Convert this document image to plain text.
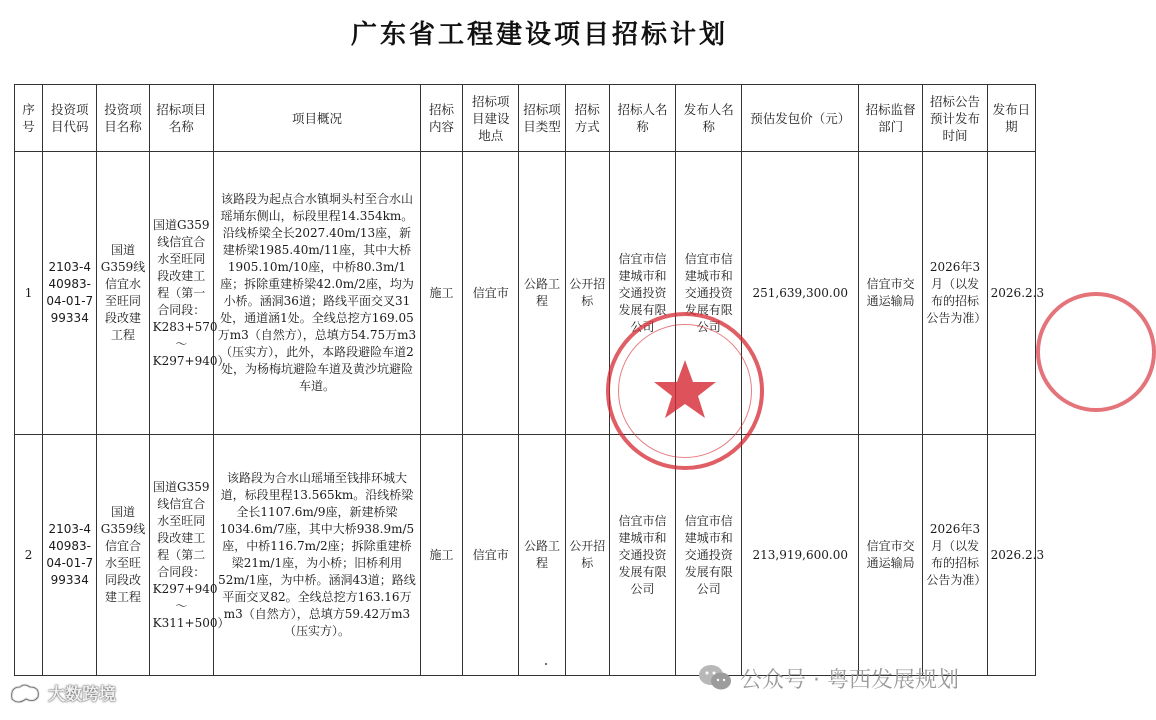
广东省工程建设项目招标计划
序号	投资项目代码	投资项目名称	招标项目名称	项目概况	招标内容	招标项目建设地点	招标项目类型	招标方式	招标人名称	发布人名称	预估发包价（元）	招标监督部门	招标公告预计发布时间	发布日期
1	2103-440983-04-01-799334	国道G359线信宜水至旺同段改建工程	国道G359线信宜合水至旺同段改建工程（第一合同段：K283+570～K297+940）	该路段为起点合水镇垌头村至合水山瑶埇东侧山，标段里程14.354km。沿线桥梁全长2027.40m/13座，新建桥梁1985.40m/11座，其中大桥1905.10m/10座，中桥80.3m/1座；拆除重建桥梁42.0m/2座，均为小桥。涵洞36道；路线平面交叉31处，通道涵1处。全线总挖方169.05万m3（自然方），总填方54.75万m3（压实方），此外，本路段避险车道2处，为杨梅坑避险车道及黄沙坑避险车道。	施工	信宜市	公路工程	公开招标	信宜市信建城市和交通投资发展有限公司	信宜市信建城市和交通投资发展有限公司	251,639,300.00	信宜市交通运输局	2026年3月（以发布的招标公告为准）	2026.2.3
2	2103-440983-04-01-799334	国道G359线信宜合水至旺同段改建工程	国道G359线信宜合水至旺同段改建工程（第二合同段：K297+940～K311+500）	该路段为合水山瑶埇至钱排环城大道，标段里程13.565km。沿线桥梁全长1107.6m/9座，新建桥梁1034.6m/7座，其中大桥938.9m/5座，中桥116.7m/2座；拆除重建桥梁21m/1座，为小桥；旧桥利用52m/1座，为中桥。涵洞43道；路线平面交叉82。全线总挖方163.16万m3（自然方），总填方59.42万m3（压实方）。	施工	信宜市	公路工程	公开招标	信宜市信建城市和交通投资发展有限公司	信宜市信建城市和交通投资发展有限公司	213,919,600.00	信宜市交通运输局	2026年3月（以发布的招标公告为准）	2026.2.3
公众号 · 粤西发展规划
大数跨境
